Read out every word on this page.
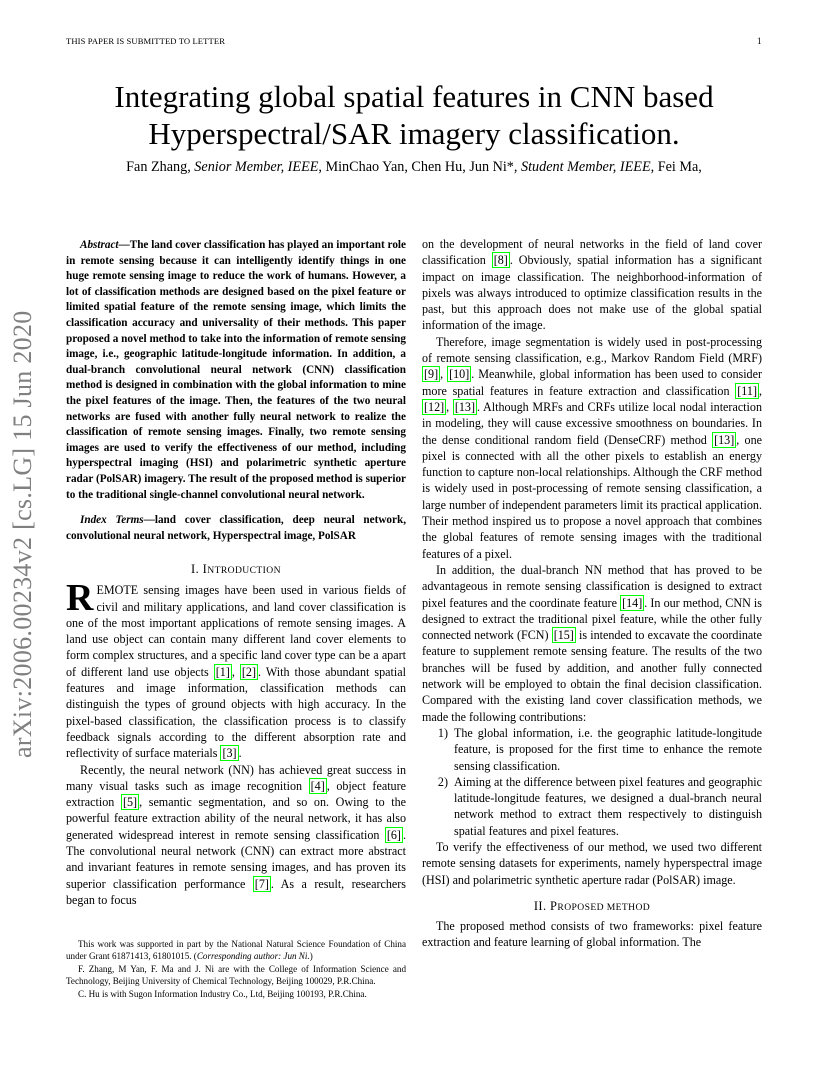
THIS PAPER IS SUBMITTED TO LETTER	1
arXiv:2006.00234v2 [cs.LG] 15 Jun 2020
Integrating global spatial features in CNN based
Hyperspectral/SAR imagery classification.
Fan Zhang, Senior Member, IEEE, MinChao Yan, Chen Hu, Jun Ni*, Student Member, IEEE, Fei Ma,

Abstract—The land cover classification has played an important role in remote sensing because it can intelligently identify things in one huge remote sensing image to reduce the work of humans. However, a lot of classification methods are designed based on the pixel feature or limited spatial feature of the remote sensing image, which limits the classification accuracy and universality of their methods. This paper proposed a novel method to take into the information of remote sensing image, i.e., geographic latitude-longitude information. In addition, a dual-branch convolutional neural network (CNN) classification method is designed in combination with the global information to mine the pixel features of the image. Then, the features of the two neural networks are fused with another fully neural network to realize the classification of remote sensing images. Finally, two remote sensing images are used to verify the effectiveness of our method, including hyperspectral imaging (HSI) and polarimetric synthetic aperture radar (PolSAR) imagery. The result of the proposed method is superior to the traditional single-channel convolutional neural network.

Index Terms—land cover classification, deep neural network, convolutional neural network, Hyperspectral image, PolSAR

I. INTRODUCTION

REMOTE sensing images have been used in various fields of civil and military applications, and land cover classification is one of the most important applications of remote sensing images. A land use object can contain many different land cover elements to form complex structures, and a specific land cover type can be a apart of different land use objects [1] , [2] . With those abundant spatial features and image information, classification methods can distinguish the types of ground objects with high accuracy. In the pixel-based classification, the classification process is to classify feedback signals according to the different absorption rate and reflectivity of surface materials [3] .

Recently, the neural network (NN) has achieved great success in many visual tasks such as image recognition [4] , object feature extraction [5] , semantic segmentation, and so on. Owing to the powerful feature extraction ability of the neural network, it has also generated widespread interest in remote sensing classification [6] . The convolutional neural network (CNN) can extract more abstract and invariant features in remote sensing images, and has proven its superior classification performance [7] . As a result, researchers began to focus

This work was supported in part by the National Natural Science Foundation of China under Grant 61871413, 61801015. (Corresponding author: Jun Ni.)

F. Zhang, M Yan, F. Ma and J. Ni are with the College of Information Science and Technology, Beijing University of Chemical Technology, Beijing 100029, P.R.China.

C. Hu is with Sugon Information Industry Co., Ltd, Beijing 100193, P.R.China.

on the development of neural networks in the field of land cover classification [8] . Obviously, spatial information has a significant impact on image classification. The neighborhood-information of pixels was always introduced to optimize classification results in the past, but this approach does not make use of the global spatial information of the image.

Therefore, image segmentation is widely used in post-processing of remote sensing classification, e.g., Markov Random Field (MRF) [9] , [10] . Meanwhile, global information has been used to consider more spatial features in feature extraction and classification [11] , [12] , [13] . Although MRFs and CRFs utilize local nodal interaction in modeling, they will cause excessive smoothness on boundaries. In the dense conditional random field (DenseCRF) method [13] , one pixel is connected with all the other pixels to establish an energy function to capture non-local relationships. Although the CRF method is widely used in post-processing of remote sensing classification, a large number of independent parameters limit its practical application. Their method inspired us to propose a novel approach that combines the global features of remote sensing images with the traditional features of a pixel.

In addition, the dual-branch NN method that has proved to be advantageous in remote sensing classification is designed to extract pixel features and the coordinate feature [14] . In our method, CNN is designed to extract the traditional pixel feature, while the other fully connected network (FCN) [15] is intended to excavate the coordinate feature to supplement remote sensing feature. The results of the two branches will be fused by addition, and another fully connected network will be employed to obtain the final decision classification. Compared with the existing land cover classification methods, we made the following contributions:

1) The global information, i.e. the geographic latitude-longitude feature, is proposed for the first time to enhance the remote sensing classification.
2) Aiming at the difference between pixel features and geographic latitude-longitude features, we designed a dual-branch neural network method to extract them respectively to distinguish spatial features and pixel features.

To verify the effectiveness of our method, we used two different remote sensing datasets for experiments, namely hyperspectral image (HSI) and polarimetric synthetic aperture radar (PolSAR) image.

II. PROPOSED METHOD

The proposed method consists of two frameworks: pixel feature extraction and feature learning of global information. The
